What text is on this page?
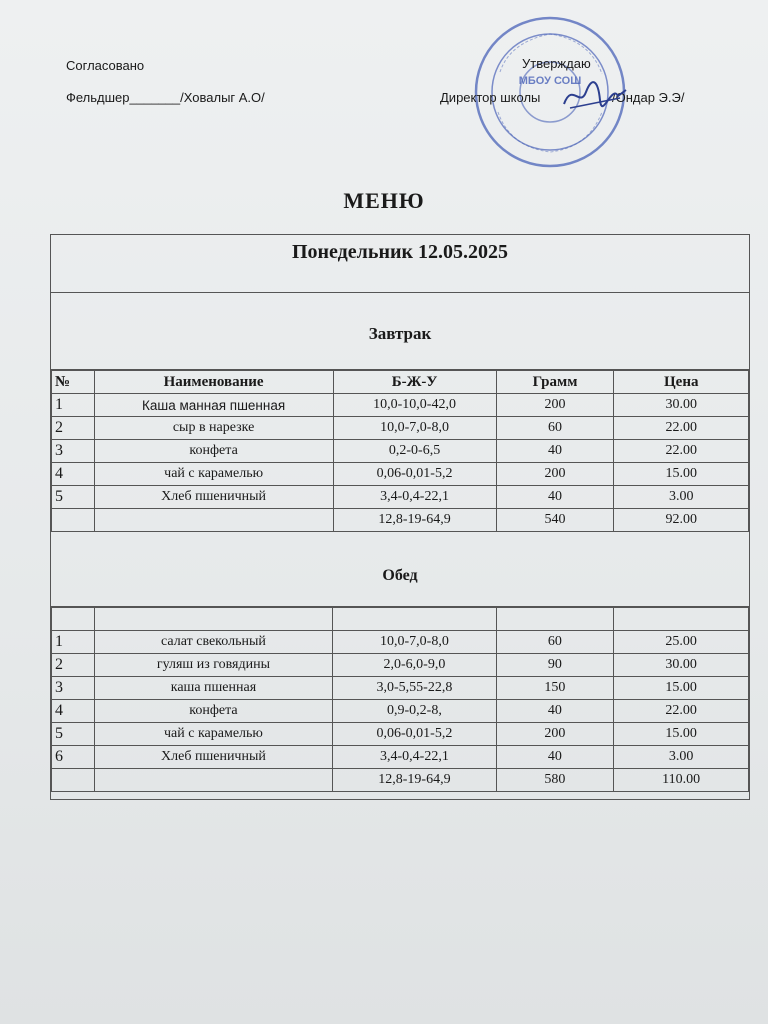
МБОУ СОШ
Согласовано
Фельдшер_______/Ховалыг А.О/
Утверждаю
Директор школы	/Ондар Э.Э/
МЕНЮ
Понедельник 12.05.2025
Завтрак
№	Наименование	Б-Ж-У	Грамм	Цена
1	Каша манная пшенная	10,0-10,0-42,0	200	30.00
2	сыр в нарезке	10,0-7,0-8,0	60	22.00
3	конфета	0,2-0-6,5	40	22.00
4	чай с карамелью	0,06-0,01-5,2	200	15.00
5	Хлеб пшеничный	3,4-0,4-22,1	40	3.00
		12,8-19-64,9	540	92.00
Обед

1	салат свекольный	10,0-7,0-8,0	60	25.00
2	гуляш из говядины	2,0-6,0-9,0	90	30.00
3	каша пшенная	3,0-5,55-22,8	150	15.00
4	конфета	0,9-0,2-8,	40	22.00
5	чай с карамелью	0,06-0,01-5,2	200	15.00
6	Хлеб пшеничный	3,4-0,4-22,1	40	3.00
		12,8-19-64,9	580	110.00
